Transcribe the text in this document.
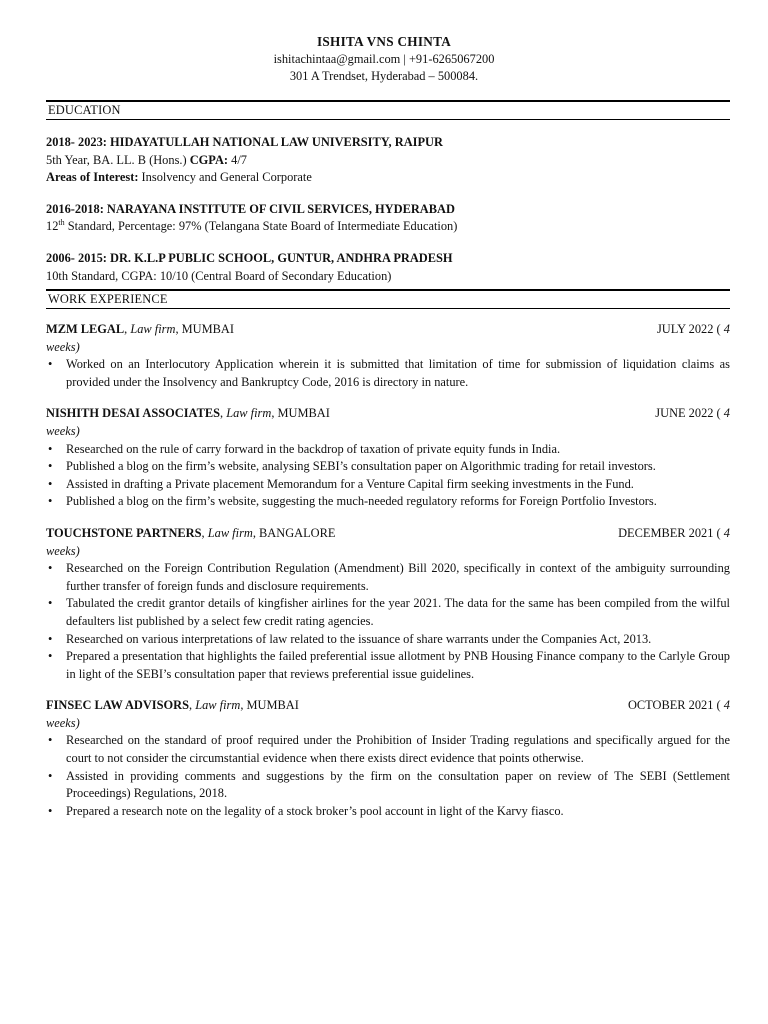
ISHITA VNS CHINTA
ishitachintaa@gmail.com | +91-6265067200
301 A Trendset, Hyderabad – 500084.
EDUCATION
2018- 2023: HIDAYATULLAH NATIONAL LAW UNIVERSITY, RAIPUR
5th Year, BA. LL. B (Hons.) CGPA: 4/7
Areas of Interest: Insolvency and General Corporate
2016-2018: NARAYANA INSTITUTE OF CIVIL SERVICES, HYDERABAD
12th Standard, Percentage: 97% (Telangana State Board of Intermediate Education)
2006- 2015: DR. K.L.P PUBLIC SCHOOL, GUNTUR, ANDHRA PRADESH
10th Standard, CGPA: 10/10 (Central Board of Secondary Education)
WORK EXPERIENCE
MZM LEGAL, Law firm, MUMBAI	JULY 2022 ( 4
weeks)
• Worked on an Interlocutory Application wherein it is submitted that limitation of time for submission of liquidation claims as provided under the Insolvency and Bankruptcy Code, 2016 is directory in nature.
NISHITH DESAI ASSOCIATES, Law firm, MUMBAI	JUNE 2022 ( 4
weeks)
• Researched on the rule of carry forward in the backdrop of taxation of private equity funds in India.
• Published a blog on the firm’s website, analysing SEBI’s consultation paper on Algorithmic trading for retail investors.
• Assisted in drafting a Private placement Memorandum for a Venture Capital firm seeking investments in the Fund.
• Published a blog on the firm’s website, suggesting the much-needed regulatory reforms for Foreign Portfolio Investors.
TOUCHSTONE PARTNERS, Law firm, BANGALORE	DECEMBER 2021 ( 4
weeks)
• Researched on the Foreign Contribution Regulation (Amendment) Bill 2020, specifically in context of the ambiguity surrounding further transfer of foreign funds and disclosure requirements.
• Tabulated the credit grantor details of kingfisher airlines for the year 2021. The data for the same has been compiled from the wilful defaulters list published by a select few credit rating agencies.
• Researched on various interpretations of law related to the issuance of share warrants under the Companies Act, 2013.
• Prepared a presentation that highlights the failed preferential issue allotment by PNB Housing Finance company to the Carlyle Group in light of the SEBI’s consultation paper that reviews preferential issue guidelines.
FINSEC LAW ADVISORS, Law firm, MUMBAI	OCTOBER 2021 ( 4
weeks)
• Researched on the standard of proof required under the Prohibition of Insider Trading regulations and specifically argued for the court to not consider the circumstantial evidence when there exists direct evidence that points otherwise.
• Assisted in providing comments and suggestions by the firm on the consultation paper on review of The SEBI (Settlement Proceedings) Regulations, 2018.
• Prepared a research note on the legality of a stock broker’s pool account in light of the Karvy fiasco.
